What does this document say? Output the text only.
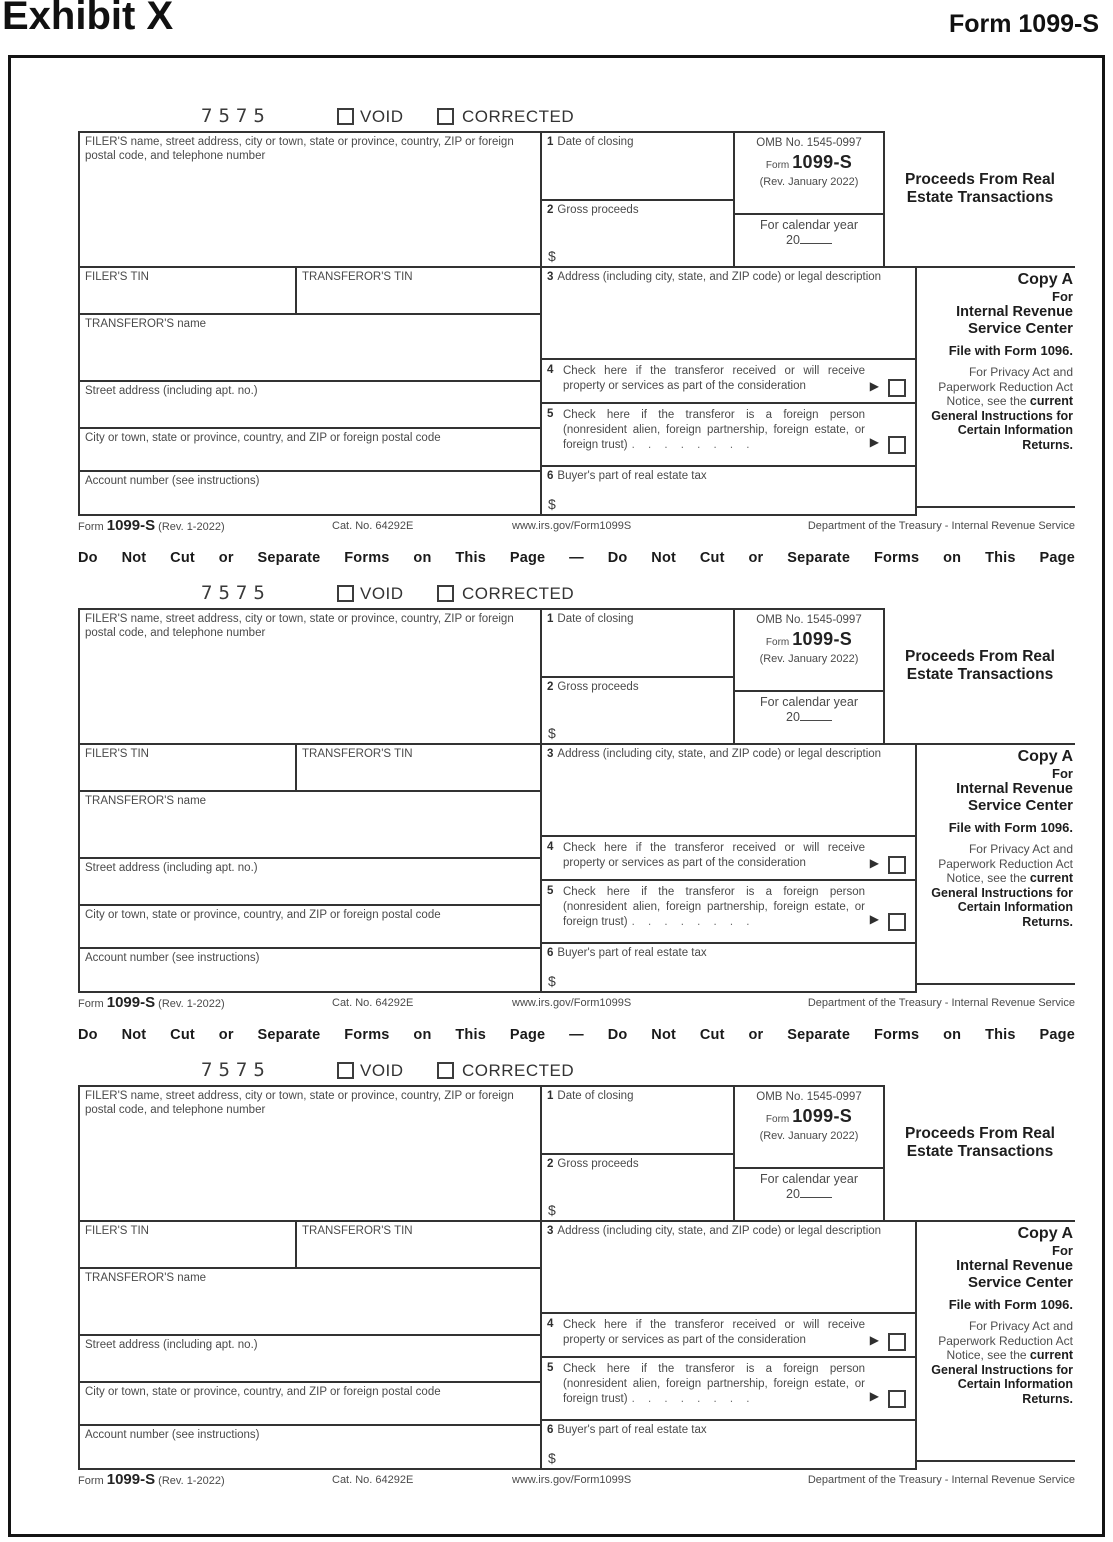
Exhibit X	Form 1099-S
7575	VOID	CORRECTED
FILER'S name, street address, city or town, state or province, country, ZIP or foreign postal code, and telephone number
1 Date of closing
2 Gross proceeds
$
OMB No. 1545-0997
Form 1099-S
(Rev. January 2022)
For calendar year
20
Proceeds From Real
Estate Transactions
FILER'S TIN	TRANSFEROR'S TIN
TRANSFEROR'S name
Street address (including apt. no.)
City or town, state or province, country, and ZIP or foreign postal code
Account number (see instructions)
3 Address (including city, state, and ZIP code) or legal description
4 Check here if the transferor received or will receive property or services as part of the consideration	▶
5 Check here if the transferor is a foreign person (nonresident alien, foreign partnership, foreign estate, or foreign trust) . . . . . . . .	▶
6 Buyer's part of real estate tax
$
Copy A
For
Internal Revenue
Service Center
File with Form 1096.
For Privacy Act and Paperwork Reduction Act Notice, see the current General Instructions for Certain Information Returns.
Form 1099-S (Rev. 1-2022)	Cat. No. 64292E	www.irs.gov/Form1099S	Department of the Treasury - Internal Revenue Service
Do Not Cut or Separate Forms on This Page — Do Not Cut or Separate Forms on This Page
7575	VOID	CORRECTED
FILER'S name, street address, city or town, state or province, country, ZIP or foreign postal code, and telephone number
1 Date of closing
2 Gross proceeds
$
OMB No. 1545-0997
Form 1099-S
(Rev. January 2022)
For calendar year
20
Proceeds From Real
Estate Transactions
FILER'S TIN	TRANSFEROR'S TIN
TRANSFEROR'S name
Street address (including apt. no.)
City or town, state or province, country, and ZIP or foreign postal code
Account number (see instructions)
3 Address (including city, state, and ZIP code) or legal description
4 Check here if the transferor received or will receive property or services as part of the consideration	▶
5 Check here if the transferor is a foreign person (nonresident alien, foreign partnership, foreign estate, or foreign trust) . . . . . . . .	▶
6 Buyer's part of real estate tax
$
Copy A
For
Internal Revenue
Service Center
File with Form 1096.
For Privacy Act and Paperwork Reduction Act Notice, see the current General Instructions for Certain Information Returns.
Form 1099-S (Rev. 1-2022)	Cat. No. 64292E	www.irs.gov/Form1099S	Department of the Treasury - Internal Revenue Service
Do Not Cut or Separate Forms on This Page — Do Not Cut or Separate Forms on This Page
7575	VOID	CORRECTED
FILER'S name, street address, city or town, state or province, country, ZIP or foreign postal code, and telephone number
1 Date of closing
2 Gross proceeds
$
OMB No. 1545-0997
Form 1099-S
(Rev. January 2022)
For calendar year
20
Proceeds From Real
Estate Transactions
FILER'S TIN	TRANSFEROR'S TIN
TRANSFEROR'S name
Street address (including apt. no.)
City or town, state or province, country, and ZIP or foreign postal code
Account number (see instructions)
3 Address (including city, state, and ZIP code) or legal description
4 Check here if the transferor received or will receive property or services as part of the consideration	▶
5 Check here if the transferor is a foreign person (nonresident alien, foreign partnership, foreign estate, or foreign trust) . . . . . . . .	▶
6 Buyer's part of real estate tax
$
Copy A
For
Internal Revenue
Service Center
File with Form 1096.
For Privacy Act and Paperwork Reduction Act Notice, see the current General Instructions for Certain Information Returns.
Form 1099-S (Rev. 1-2022)	Cat. No. 64292E	www.irs.gov/Form1099S	Department of the Treasury - Internal Revenue Service
